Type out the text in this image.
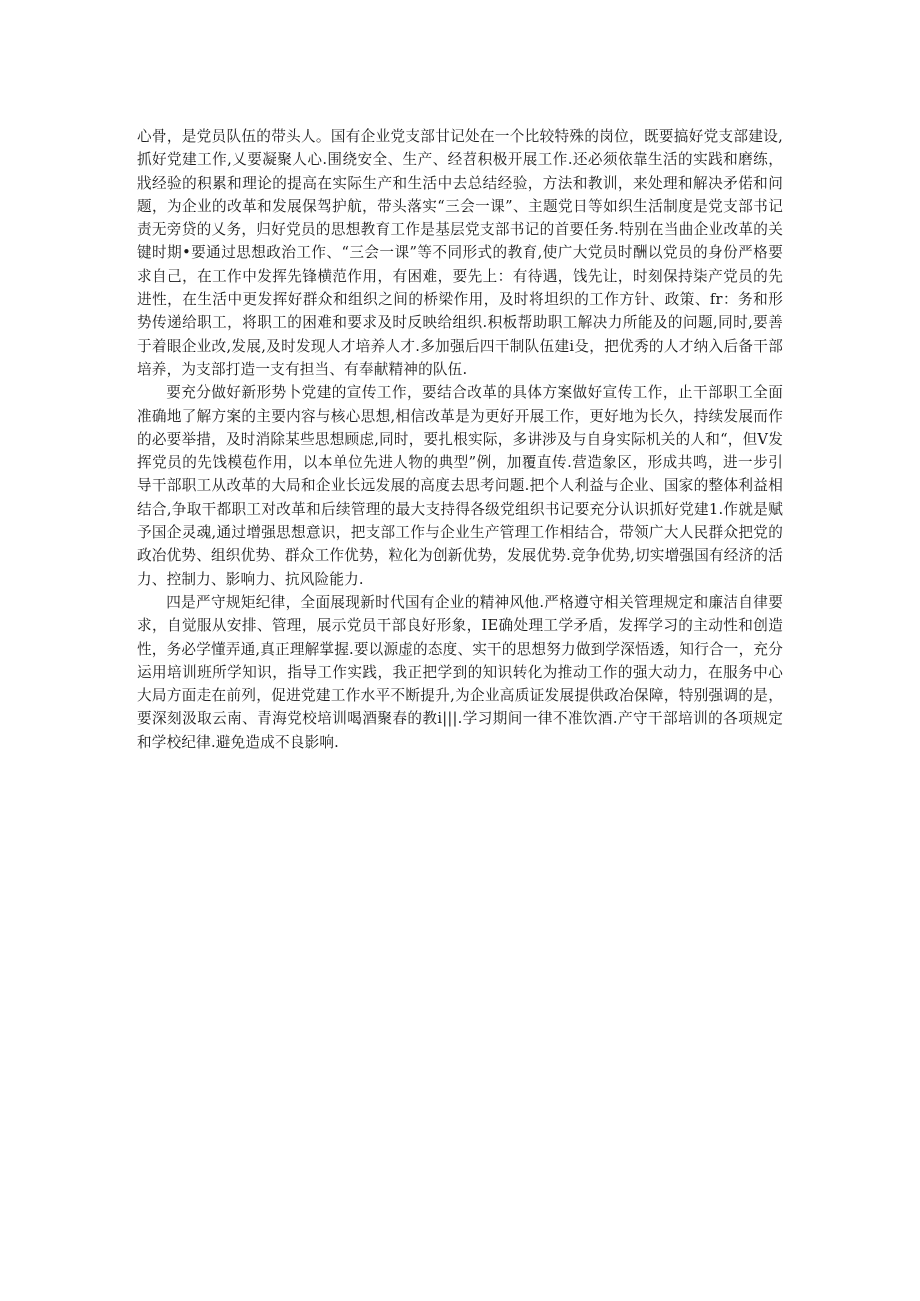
心骨，是党员队伍的带头人。国有企业党支部甘记处在一个比较特殊的岗位，既要搞好党支部建设,抓好党建工作,乂要凝聚人心.围绕安全、生产、经苕积极开展工作.还必须依靠生活的实践和磨练，戕经验的积累和理论的提高在实际生产和生活中去总结经验，方法和教训，来处理和解决矛偌和问题，为企业的改革和发展保驾护航，带头落实“三会一课”、主题党日等如织生活制度是党支部书记责无旁贷的乂务，归好党员的思想教育工作是基层党支部书记的首要任务.特别在当曲企业改革的关键时期•要通过思想政治工作、“三会一课”等不同形式的教育,使广大党员时酬以党员的身份严格要求自己，在工作中发挥先锋横范作用，有困难，要先上：有待遇，饯先让，时刻保持柒产党员的先进性，在生活中更发挥好群众和组织之间的桥梁作用，及时将坦织的工作方针、政策、fr：务和形势传递给职工，将职工的困难和要求及时反映给组织.积板帮助职工解决力所能及的问题,同时,要善于着眼企业改,发展,及时发现人才培养人才.多加强后四干制队伍建i殳，把优秀的人才纳入后备干部培养，为支部打造一支有担当、有奉献精神的队伍.

要充分做好新形势卜党建的宣传工作，要结合改革的具体方案做好宣传工作，止干部职工全面准确地了解方案的主要内容与核心思想,相信改革是为更好开展工作，更好地为长久，持续发展而作的必要举措，及时消除某些思想顾虑,同时，要扎根实际，多讲涉及与自身实际机关的人和“，但V发挥党员的先饯模苞作用，以本单位先进人物的典型”例，加覆直传.营造象区，形成共鸣，进一步引导干部职工从改革的大局和企业长远发展的高度去思考问题.把个人利益与企业、国家的整体利益相结合,争取干都职工对改革和后续管理的最大支持得各级党组织书记要充分认识抓好党建1.作就是赋予国企灵魂,通过增强思想意识，把支部工作与企业生产管理工作相结合，带领广大人民群众把党的政冶优势、组织优势、群众工作优势，粒化为创新优势，发展优势.竞争优势,切实增强国有经济的活力、控制力、影响力、抗风险能力.

四是严守规矩纪律，全面展现新时代国有企业的精神风他.严格遵守相关管理规定和廉洁自律要求，自觉服从安排、管理，展示党员干部良好形象，IE确处理工学矛盾，发挥学习的主动性和创造性，务必学懂弄通,真正理解掌握.要以源虚的态度、实干的思想努力做到学深悟透，知行合一，充分运用培训班所学知识，指导工作实践，我正把学到的知识转化为推动工作的强大动力，在服务中心大局方面走在前列，促进党建工作水平不断提升,为企业高质证发展提供政冶保障，特别强调的是，要深刻汲取云南、青海党校培训喝酒聚春的教i|||.学习期间一律不准饮酒.产守干部培训的各项规定和学校纪律.避免造成不良影响.
